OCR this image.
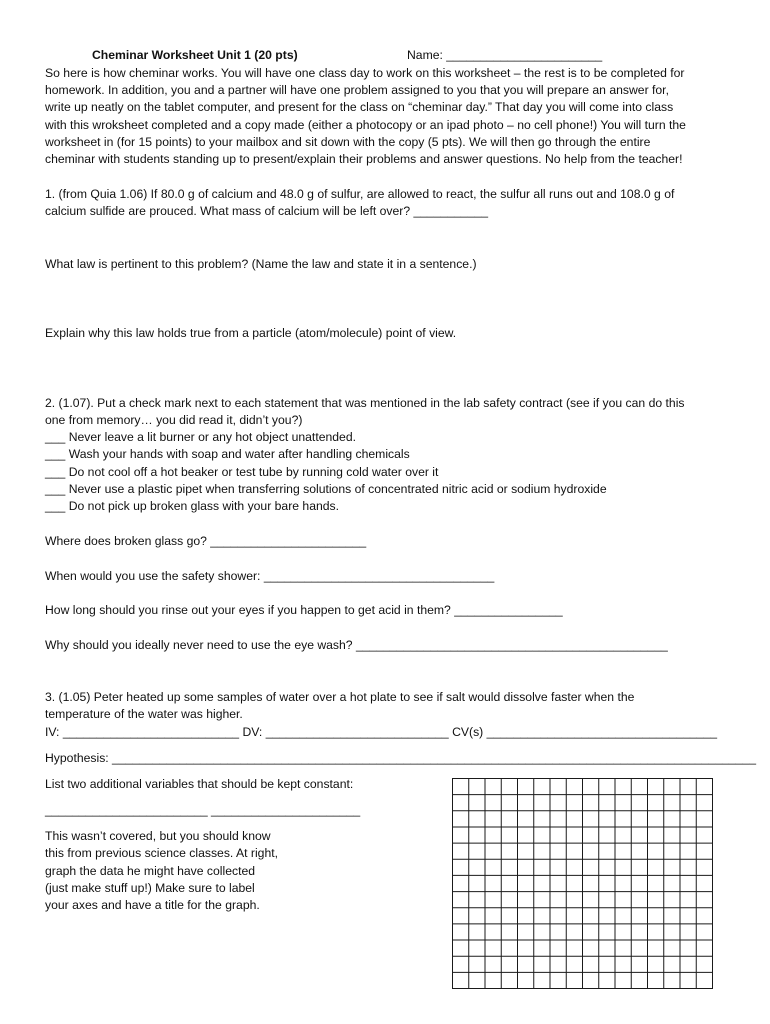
Cheminar Worksheet Unit 1 (20 pts)	Name: _______________________
So here is how cheminar works. You will have one class day to work on this worksheet – the rest is to be completed for
homework. In addition, you and a partner will have one problem assigned to you that you will prepare an answer for,
write up neatly on the tablet computer, and present for the class on “cheminar day.” That day you will come into class
with this wroksheet completed and a copy made (either a photocopy or an ipad photo – no cell phone!) You will turn the
worksheet in (for 15 points) to your mailbox and sit down with the copy (5 pts). We will then go through the entire
cheminar with students standing up to present/explain their problems and answer questions. No help from the teacher!
1. (from Quia 1.06) If 80.0 g of calcium and 48.0 g of sulfur, are allowed to react, the sulfur all runs out and 108.0 g of
calcium sulfide are prouced. What mass of calcium will be left over? ___________
What law is pertinent to this problem? (Name the law and state it in a sentence.)
Explain why this law holds true from a particle (atom/molecule) point of view.
2. (1.07). Put a check mark next to each statement that was mentioned in the lab safety contract (see if you can do this
one from memory… you did read it, didn’t you?)
___ Never leave a lit burner or any hot object unattended.
___ Wash your hands with soap and water after handling chemicals
___ Do not cool off a hot beaker or test tube by running cold water over it
___ Never use a plastic pipet when transferring solutions of concentrated nitric acid or sodium hydroxide
___ Do not pick up broken glass with your bare hands.
Where does broken glass go? _______________________
When would you use the safety shower: __________________________________
How long should you rinse out your eyes if you happen to get acid in them? ________________
Why should you ideally never need to use the eye wash? ______________________________________________
3. (1.05) Peter heated up some samples of water over a hot plate to see if salt would dissolve faster when the
temperature of the water was higher.
IV: __________________________ DV: ___________________________ CV(s) __________________________________
Hypothesis: _______________________________________________________________________________________________
List two additional variables that should be kept constant:
________________________ ______________________
This wasn’t covered, but you should know
this from previous science classes. At right,
graph the data he might have collected
(just make stuff up!) Make sure to label
your axes and have a title for the graph.
